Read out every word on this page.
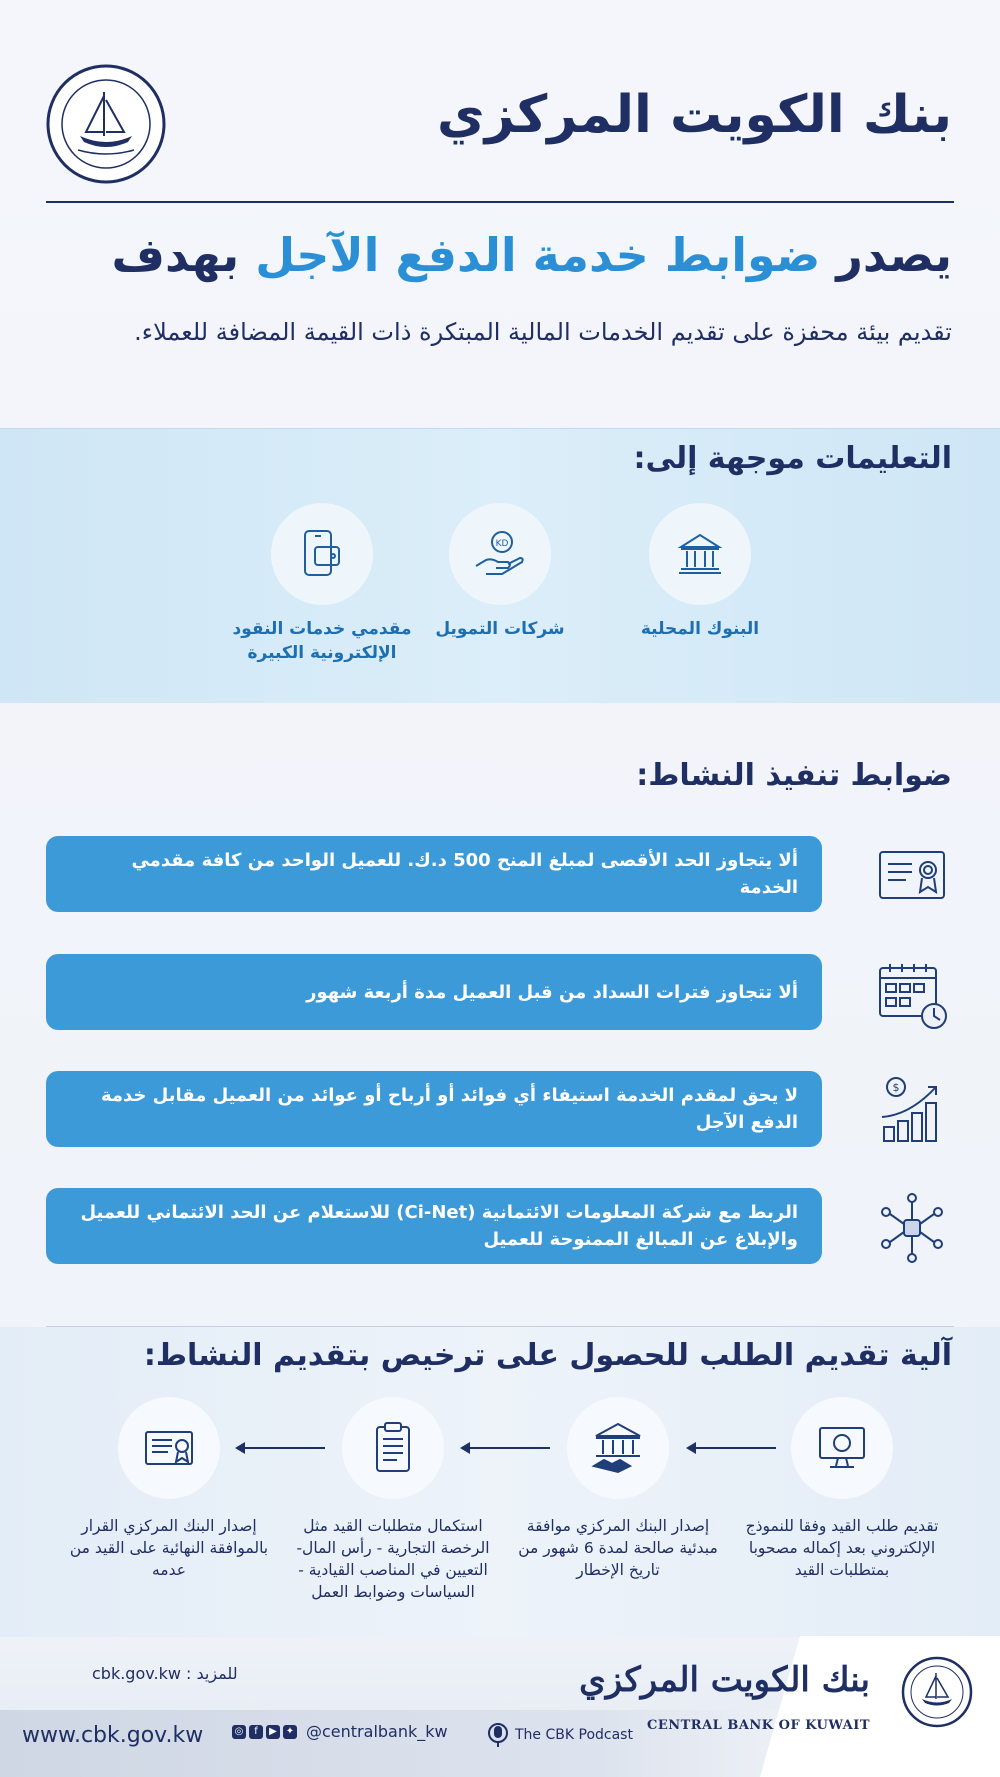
بنك الكويت المركزي
يصدر ضوابط خدمة الدفع الآجل بهدف
تقديم بيئة محفزة على تقديم الخدمات المالية المبتكرة ذات القيمة المضافة للعملاء.
التعليمات موجهة إلى:
البنوك المحلية
KD
شركات التمويل
مقدمي خدمات النقود الإلكترونية الكبيرة
ضوابط تنفيذ النشاط:
ألا يتجاوز الحد الأقصى لمبلغ المنح 500 د.ك. للعميل الواحد من كافة مقدمي الخدمة
ألا تتجاوز فترات السداد من قبل العميل مدة أربعة شهور
لا يحق لمقدم الخدمة استيفاء أي فوائد أو أرباح أو عوائد من العميل مقابل خدمة الدفع الآجل
$
الربط مع شركة المعلومات الائتمانية (Ci-Net) للاستعلام عن الحد الائتماني للعميل والإبلاغ عن المبالغ الممنوحة للعميل
آلية تقديم الطلب للحصول على ترخيص بتقديم النشاط:
تقديم طلب القيد وفقا للنموذج الإلكتروني بعد إكماله مصحوبا بمتطلبات القيد
إصدار البنك المركزي موافقة مبدئية صالحة لمدة 6 شهور من تاريخ الإخطار
استكمال متطلبات القيد مثل الرخصة التجارية - رأس المال- التعيين في المناصب القيادية - السياسات وضوابط العمل
إصدار البنك المركزي القرار بالموافقة النهائية على القيد من عدمه
للمزيد : cbk.gov.kw
www.cbk.gov.kw	◎	f	▶ ✦ @centralbank_kw	The CBK Podcast
بنك الكويت المركزي
CENTRAL BANK OF KUWAIT
